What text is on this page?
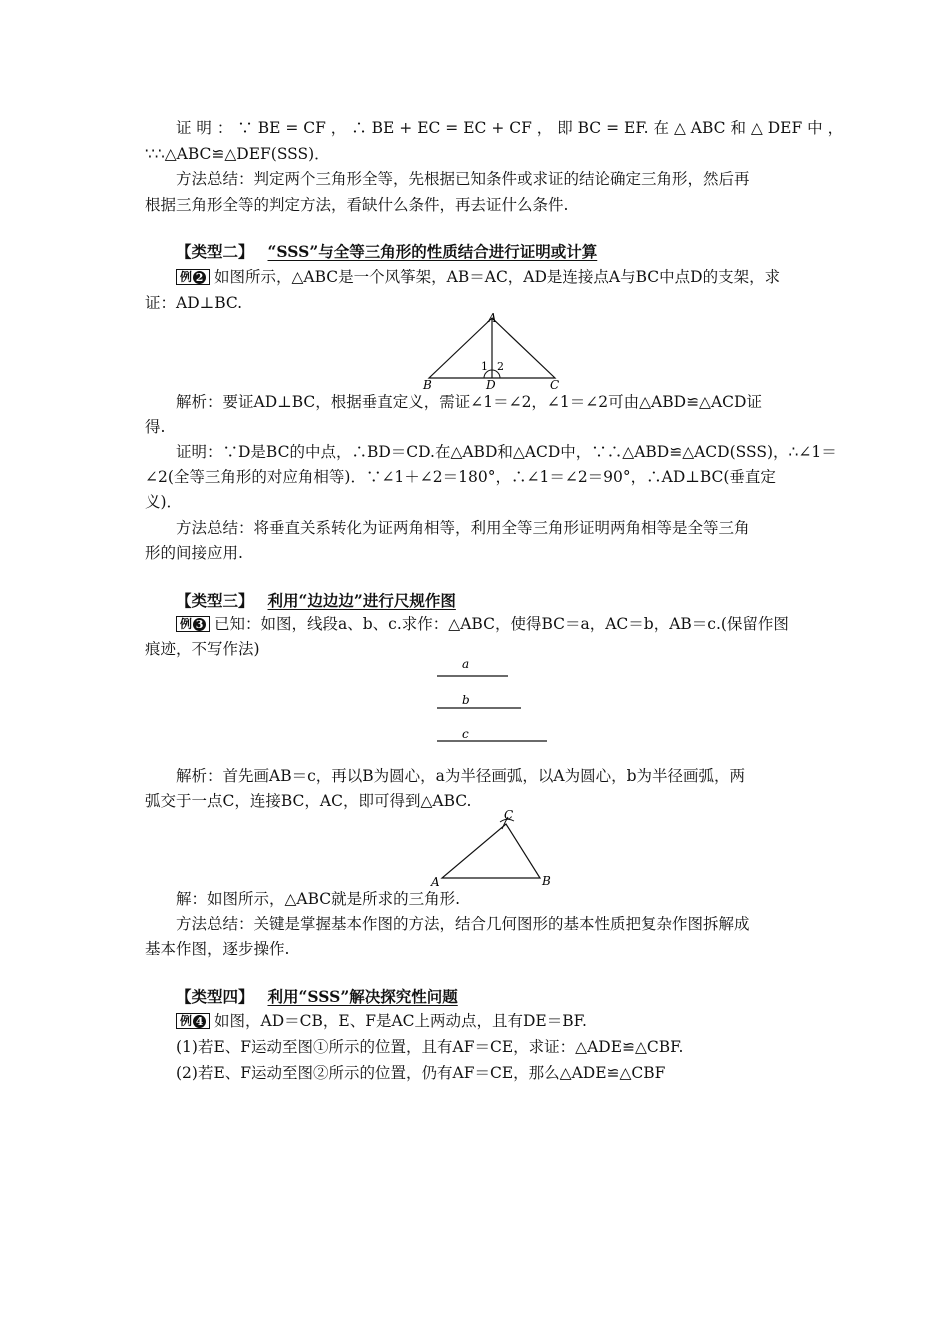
证 明 ： ∵ BE = CF ， ∴ BE + EC = EC + CF ， 即 BC = EF. 在 △ ABC 和 △ DEF 中 ，
∵∴△ABC≌△DEF(SSS)．
方法总结：判定两个三角形全等，先根据已知条件或求证的结论确定三角形，然后再
根据三角形全等的判定方法，看缺什么条件，再去证什么条件.
【类型二】 “SSS”与全等三角形的性质结合进行证明或计算
例 2 如图所示，△ABC是一个风筝架，AB＝AC，AD是连接点A与BC中点D的支架，求
证：AD⊥BC.
A
B	C
D
1 2
解析：要证AD⊥BC，根据垂直定义，需证∠1＝∠2，∠1＝∠2可由△ABD≌△ACD证
得.
证明：∵D是BC的中点，∴BD＝CD.在△ABD和△ACD中，∵∴△ABD≌△ACD(SSS)，∴∠1＝
∠2(全等三角形的对应角相等)．∵∠1＋∠2＝180°，∴∠1＝∠2＝90°，∴AD⊥BC(垂直定
义)．
方法总结：将垂直关系转化为证两角相等，利用全等三角形证明两角相等是全等三角
形的间接应用.
【类型三】 利用“边边边”进行尺规作图
例 3 已知：如图，线段a、b、c.求作：△ABC，使得BC＝a，AC＝b，AB＝c.(保留作图
痕迹，不写作法)
a
b
c
解析：首先画AB＝c，再以B为圆心，a为半径画弧，以A为圆心，b为半径画弧，两
弧交于一点C，连接BC，AC，即可得到△ABC.
A	B
C
解：如图所示，△ABC就是所求的三角形.
方法总结：关键是掌握基本作图的方法，结合几何图形的基本性质把复杂作图拆解成
基本作图，逐步操作.
【类型四】 利用“SSS”解决探究性问题
例 4 如图，AD＝CB，E、F是AC上两动点，且有DE＝BF.
(1)若E、F运动至图①所示的位置，且有AF＝CE，求证：△ADE≌△CBF.
(2)若E、F运动至图②所示的位置，仍有AF＝CE，那么△ADE≌△CBF
